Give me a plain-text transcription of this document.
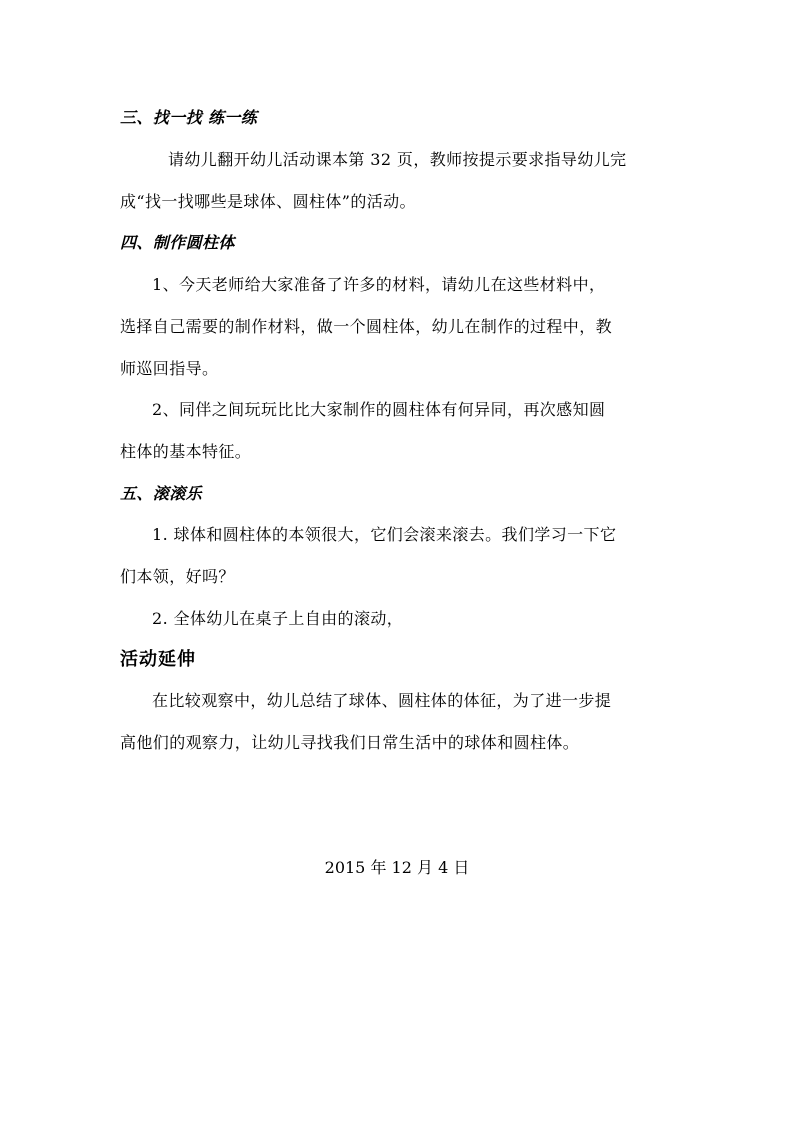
三、找一找 练一练
请幼儿翻开幼儿活动课本第 32 页，教师按提示要求指导幼儿完
成“找一找哪些是球体、圆柱体”的活动。
四、制作圆柱体
1、今天老师给大家准备了许多的材料，请幼儿在这些材料中，
选择自己需要的制作材料，做一个圆柱体，幼儿在制作的过程中，教
师巡回指导。
2、同伴之间玩玩比比大家制作的圆柱体有何异同，再次感知圆
柱体的基本特征。
五、滚滚乐
1. 球体和圆柱体的本领很大，它们会滚来滚去。我们学习一下它
们本领，好吗？
2. 全体幼儿在桌子上自由的滚动，
活动延伸
在比较观察中，幼儿总结了球体、圆柱体的体征，为了进一步提
高他们的观察力，让幼儿寻找我们日常生活中的球体和圆柱体。
2015 年 12 月 4 日
